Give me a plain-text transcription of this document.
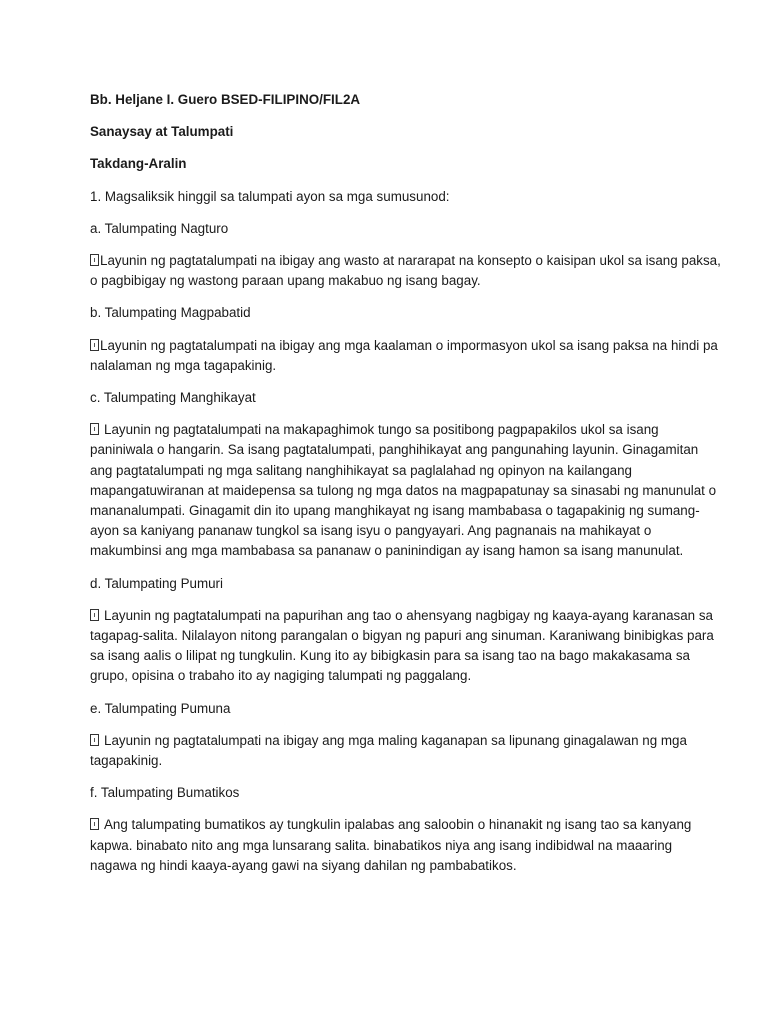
Bb. Heljane I. Guero BSED-FILIPINO/FIL2A

Sanaysay at Talumpati

Takdang-Aralin

1. Magsaliksik hinggil sa talumpati ayon sa mga sumusunod:

a. Talumpating Nagturo

Layunin ng pagtatalumpati na ibigay ang wasto at nararapat na konsepto o kaisipan ukol sa isang paksa,

o pagbibigay ng wastong paraan upang makabuo ng isang bagay.

b. Talumpating Magpabatid

Layunin ng pagtatalumpati na ibigay ang mga kaalaman o impormasyon ukol sa isang paksa na hindi pa

nalalaman ng mga tagapakinig.

c. Talumpating Manghikayat

Layunin ng pagtatalumpati na makapaghimok tungo sa positibong pagpapakilos ukol sa isang

paniniwala o hangarin. Sa isang pagtatalumpati, panghihikayat ang pangunahing layunin. Ginagamitan

ang pagtatalumpati ng mga salitang nanghihikayat sa paglalahad ng opinyon na kailangang

mapangatuwiranan at maidepensa sa tulong ng mga datos na magpapatunay sa sinasabi ng manunulat o

mananalumpati. Ginagamit din ito upang manghikayat ng isang mambabasa o tagapakinig ng sumang-

ayon sa kaniyang pananaw tungkol sa isang isyu o pangyayari. Ang pagnanais na mahikayat o

makumbinsi ang mga mambabasa sa pananaw o paninindigan ay isang hamon sa isang manunulat.

d. Talumpating Pumuri

Layunin ng pagtatalumpati na papurihan ang tao o ahensyang nagbigay ng kaaya-ayang karanasan sa

tagapag-salita. Nilalayon nitong parangalan o bigyan ng papuri ang sinuman. Karaniwang binibigkas para

sa isang aalis o lilipat ng tungkulin. Kung ito ay bibigkasin para sa isang tao na bago makakasama sa

grupo, opisina o trabaho ito ay nagiging talumpati ng paggalang.

e. Talumpating Pumuna

Layunin ng pagtatalumpati na ibigay ang mga maling kaganapan sa lipunang ginagalawan ng mga

tagapakinig.

f. Talumpating Bumatikos

Ang talumpating bumatikos ay tungkulin ipalabas ang saloobin o hinanakit ng isang tao sa kanyang

kapwa. binabato nito ang mga lunsarang salita. binabatikos niya ang isang indibidwal na maaaring

nagawa ng hindi kaaya-ayang gawi na siyang dahilan ng pambabatikos.
